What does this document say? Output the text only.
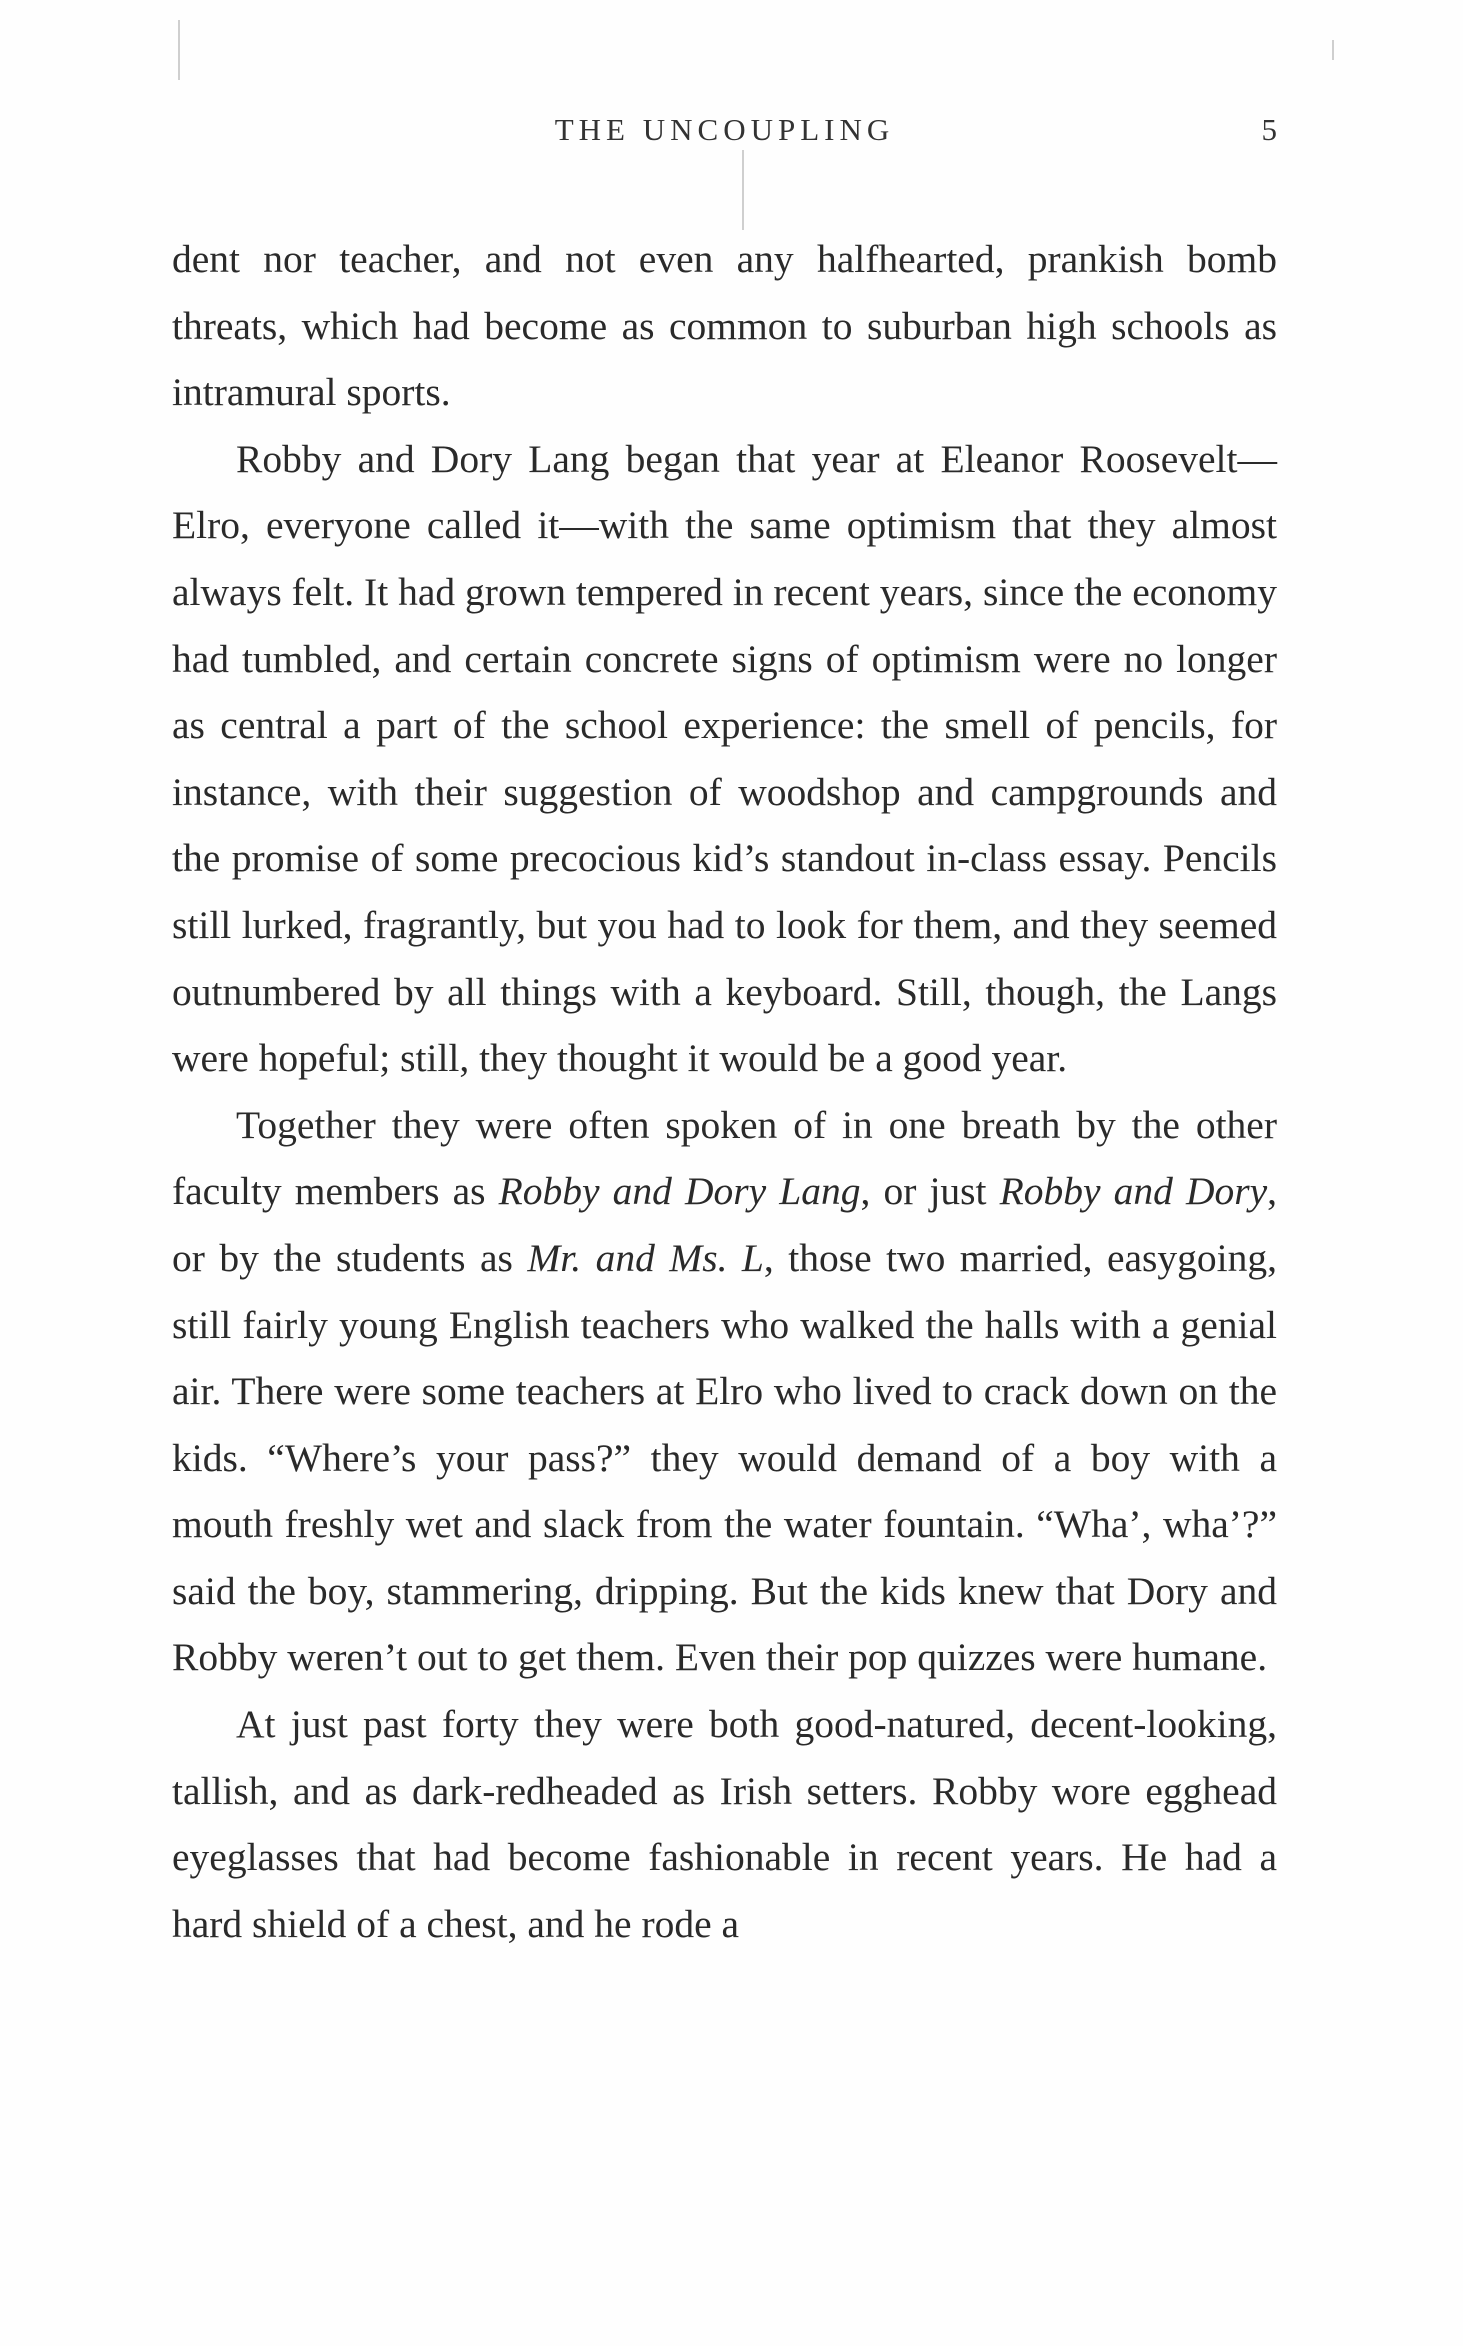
THE UNCOUPLING	5

dent nor teacher, and not even any halfhearted, prankish bomb threats, which had become as common to suburban high schools as intramural sports.

Robby and Dory Lang began that year at Eleanor Roosevelt—Elro, everyone called it—with the same optimism that they almost always felt. It had grown tempered in recent years, since the economy had tumbled, and certain concrete signs of optimism were no longer as central a part of the school experience: the smell of pencils, for instance, with their suggestion of woodshop and campgrounds and the promise of some precocious kid’s standout in-class essay. Pencils still lurked, fragrantly, but you had to look for them, and they seemed outnumbered by all things with a keyboard. Still, though, the Langs were hopeful; still, they thought it would be a good year.

Together they were often spoken of in one breath by the other faculty members as Robby and Dory Lang, or just Robby and Dory, or by the students as Mr. and Ms. L, those two married, easygoing, still fairly young English teachers who walked the halls with a genial air. There were some teachers at Elro who lived to crack down on the kids. “Where’s your pass?” they would demand of a boy with a mouth freshly wet and slack from the water fountain. “Wha’, wha’?” said the boy, stammering, dripping. But the kids knew that Dory and Robby weren’t out to get them. Even their pop quizzes were humane.

At just past forty they were both good-natured, decent-looking, tallish, and as dark-redheaded as Irish setters. Robby wore egghead eyeglasses that had become fashionable in recent years. He had a hard shield of a chest, and he rode a
